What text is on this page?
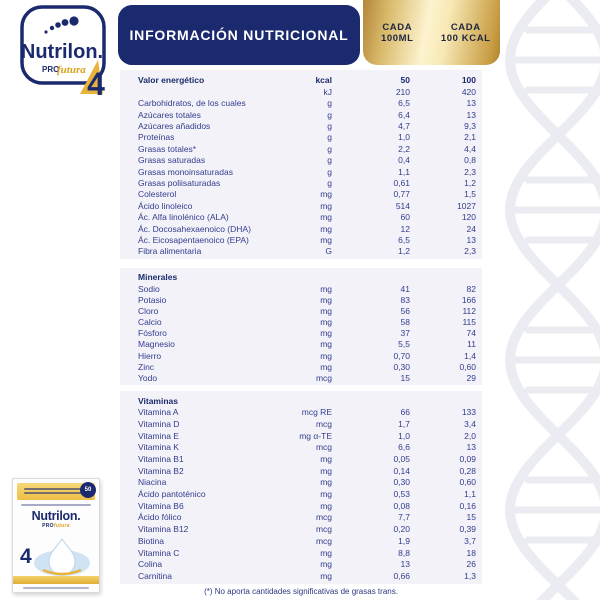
Nutrilon.
PRO
futura 4
INFORMACIÓN NUTRICIONAL	CADA
100ML
CADA
100 KCAL
Valor energético	kcal	50	100
kJ	210	420
Carbohidratos, de los cuales	g	6,5	13
Azúcares totales	g	6,4	13
Azúcares añadidos	g	4,7	9,3
Proteínas	g	1,0	2,1
Grasas totales*	g	2,2	4,4
Grasas saturadas	g	0,4	0,8
Grasas monoinsaturadas	g	1,1	2,3
Grasas poliisaturadas	g	0,61	1,2
Colesterol	mg	0,77	1,5
Ácido linoleico	mg	514	1027
Ác. Alfa linolénico (ALA)	mg	60	120
Ác. Docosahexaenoico (DHA)	mg	12	24
Ác. Eicosapentaenoico (EPA)	mg	6,5	13
Fibra alimentaria	G	1,2	2,3
Minerales
Sodio	mg	41	82
Potasio	mg	83	166
Cloro	mg	56	112
Calcio	mg	58	115
Fósforo	mg	37	74
Magnesio	mg	5,5	11
Hierro	mg	0,70	1,4
Zinc	mg	0,30	0,60
Yodo	mcg	15	29
Vitaminas
Vitamina A	mcg RE	66	133
Vitamina D	mcg	1,7	3,4
Vitamina E	mg α-TE	1,0	2,0
Vitamina K	mcg	6,6	13
Vitamina B1	mg	0,05	0,09
Vitamina B2	mg	0,14	0,28
Niacina	mg	0,30	0,60
Ácido pantoténico	mg	0,53	1,1
Vitamina B6	mg	0,08	0,16
Ácido fólico	mcg	7,7	15
Vitamina B12	mcg	0,20	0,39
Biotina	mcg	1,9	3,7
Vitamina C	mg	8,8	18
Colina	mg	13	26
Carnitina	mg	0,66	1,3
(*) No aporta cantidades significativas de grasas trans.
50
Nutrilon.
PROfutura
4
